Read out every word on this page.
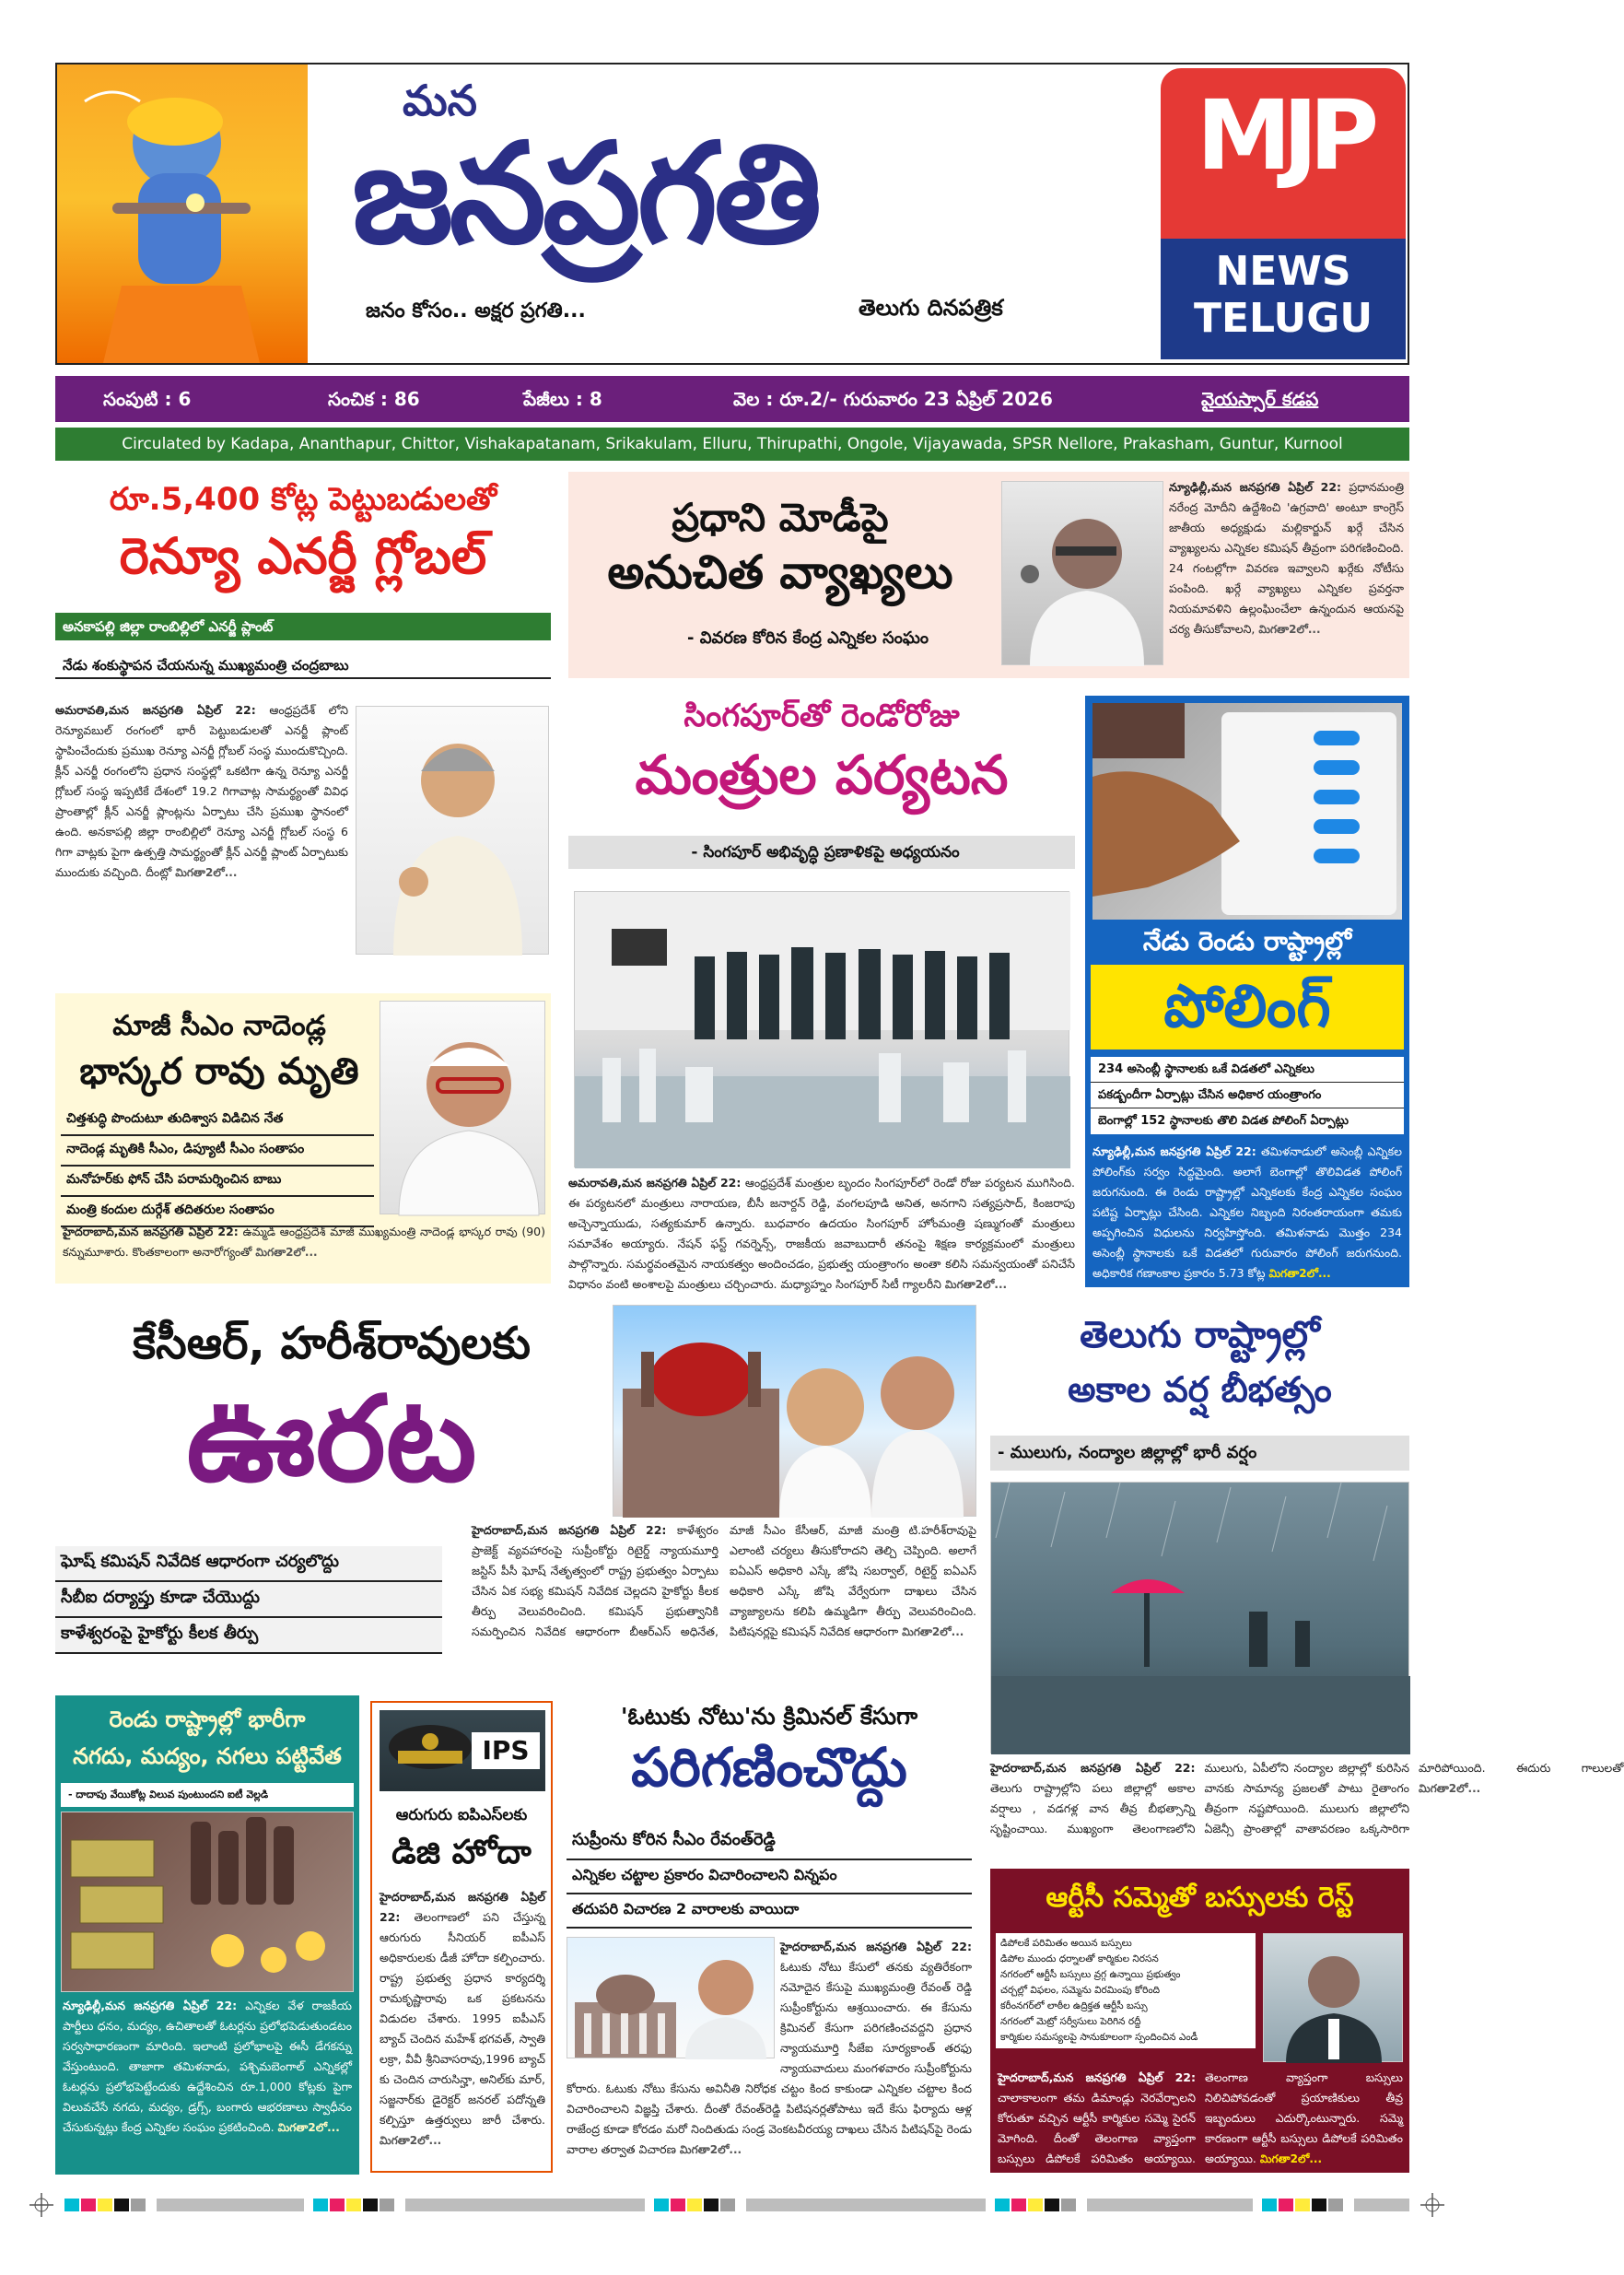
మన
జనప్రగతి
జనం కోసం.. అక్షర ప్రగతి...	తెలుగు దినపత్రిక
MJP
NEWS
TELUGU
సంపుటి : 6	సంచిక : 86	పేజీలు : 8	వెల : రూ.2/- గురువారం 23 ఏప్రిల్ 2026	వైయస్సార్ కడప
Circulated by Kadapa, Ananthapur, Chittor, Vishakapatanam, Srikakulam, Elluru, Thirupathi, Ongole, Vijayawada, SPSR Nellore, Prakasham, Guntur, Kurnool
రూ.5,400 కోట్ల పెట్టుబడులతో
రెన్యూ ఎనర్జీ గ్లోబల్
అనకాపల్లి జిల్లా రాంబిల్లిలో ఎనర్జీ ప్లాంట్
నేడు శంకుస్థాపన చేయనున్న ముఖ్యమంత్రి చంద్రబాబు
అమరావతి,మన జనప్రగతి ఏప్రిల్ 22: ఆంధ్రప్రదేశ్ లోని రెన్యూవబుల్ రంగంలో భారీ పెట్టుబడులతో ఎనర్జీ ప్లాంట్ స్థాపించేందుకు ప్రముఖ రెన్యూ ఎనర్జీ గ్లోబల్ సంస్థ ముందుకొచ్చింది. క్లీన్ ఎనర్జీ రంగంలోని ప్రధాన సంస్థల్లో ఒకటిగా ఉన్న రెన్యూ ఎనర్జీ గ్లోబల్ సంస్థ ఇప్పటికే దేశంలో 19.2 గిగావాట్ల సామర్థ్యంతో వివిధ ప్రాంతాల్లో క్లీన్ ఎనర్జీ ప్లాంట్లను ఏర్పాటు చేసి ప్రముఖ స్థానంలో ఉంది. అనకాపల్లి జిల్లా రాంబిల్లిలో రెన్యూ ఎనర్జీ గ్లోబల్ సంస్థ 6 గిగా వాట్లకు పైగా ఉత్పత్తి సామర్థ్యంతో క్లీన్ ఎనర్జీ ప్లాంట్ ఏర్పాటుకు ముందుకు వచ్చింది. దీంట్లో మిగతా2లో...
ప్రధాని మోడీపై
అనుచిత వ్యాఖ్యలు
- వివరణ కోరిన కేంద్ర ఎన్నికల సంఘం
న్యూఢిల్లీ,మన జనప్రగతి ఏప్రిల్ 22: ప్రధానమంత్రి నరేంద్ర మోదీని ఉద్దేశించి 'ఉగ్రవాది' అంటూ కాంగ్రెస్ జాతీయ అధ్యక్షుడు మల్లికార్జున్ ఖర్గే చేసిన వ్యాఖ్యలను ఎన్నికల కమిషన్ తీవ్రంగా పరిగణించింది. 24 గంటల్లోగా వివరణ ఇవ్వాలని ఖర్గేకు నోటీసు పంపింది. ఖర్గే వ్యాఖ్యలు ఎన్నికల ప్రవర్తనా నియమావళిని ఉల్లంఘించేలా ఉన్నందున ఆయనపై చర్య తీసుకోవాలని, మిగతా2లో...
సింగపూర్‌తో రెండోరోజు
మంత్రుల పర్యటన
- సింగపూర్ అభివృద్ధి ప్రణాళికపై అధ్యయనం
అమరావతి,మన జనప్రగతి ఏప్రిల్ 22: ఆంధ్రప్రదేశ్ మంత్రుల బృందం సింగపూర్‌లో రెండో రోజు పర్యటన ముగిసింది. ఈ పర్యటనలో మంత్రులు నారాయణ, బీసీ జనార్దన్ రెడ్డి, వంగలపూడి అనిత, అనగాని సత్యప్రసాద్, కింజరాపు అచ్చెన్నాయుడు, సత్యకుమార్ ఉన్నారు. బుధవారం ఉదయం సింగపూర్ హోంమంత్రి షణ్ముగంతో మంత్రులు సమావేశం అయ్యారు. నేషన్ ఫస్ట్ గవర్నెన్స్, రాజకీయ జవాబుదారీ తనంపై శిక్షణ కార్యక్రమంలో మంత్రులు పాల్గొన్నారు. సమర్థవంతమైన నాయకత్వం అందించడం, ప్రభుత్వ యంత్రాంగం అంతా కలిసి సమన్వయంతో పనిచేసే విధానం వంటి అంశాలపై మంత్రులు చర్చించారు. మధ్యాహ్నం సింగపూర్ సిటీ గ్యాలరీని మిగతా2లో...
నేడు రెండు రాష్ట్రాల్లో
పోలింగ్
234 అసెంబ్లీ స్థానాలకు ఒకే విడతలో ఎన్నికలు
పకడ్బందీగా ఏర్పాట్లు చేసిన అధికార యంత్రాంగం
బెంగాల్లో 152 స్థానాలకు తొలి విడత పోలింగ్ ఏర్పాట్లు
న్యూఢిల్లీ,మన జనప్రగతి ఏప్రిల్ 22: తమిళనాడులో అసెంబ్లీ ఎన్నికల పోలింగ్‌కు సర్వం సిద్ధమైంది. అలాగే బెంగాల్లో తొలివిడత పోలింగ్ జరుగనుంది. ఈ రెండు రాష్ట్రాల్లో ఎన్నికలకు కేంద్ర ఎన్నికల సంఘం పటిష్ట ఏర్పాట్లు చేసింది. ఎన్నికల నిబ్బంది నిరంతరాయంగా తమకు అప్పగించిన విధులను నిర్వహిస్తోంది. తమిళనాడు మొత్తం 234 అసెంబ్లీ స్థానాలకు ఒకే విడతలో గురువారం పోలింగ్ జరుగనుంది. అధికారిక గణాంకాల ప్రకారం 5.73 కోట్ల మిగతా2లో...
మాజీ సీఎం నాదెండ్ల
భాస్కర రావు మృతి
చిత్తశుద్ధి పొందుటూ తుదిశ్వాస విడిచిన నేత
నాదెండ్ల మృతికి సీఎం, డిప్యూటీ సీఎం సంతాపం
మనోహర్‌కు ఫోన్ చేసి పరామర్శించిన బాబు
మంత్రి కందుల దుర్గేశ్ తదితరుల సంతాపం
హైదరాబాద్,మన జనప్రగతి ఏప్రిల్ 22: ఉమ్మడి ఆంధ్రప్రదేశ్ మాజీ ముఖ్యమంత్రి నాదెండ్ల భాస్కర రావు (90) కన్నుమూశారు. కొంతకాలంగా అనారోగ్యంతో మిగతా2లో...
కేసీఆర్, హరీశ్‌రావులకు
ఊరట
ఘోష్ కమిషన్ నివేదిక ఆధారంగా చర్యలొద్దు
సీబీఐ దర్యాప్తు కూడా చేయొద్దు
కాళేశ్వరంపై హైకోర్టు కీలక తీర్పు
హైదరాబాద్,మన జనప్రగతి ఏప్రిల్ 22: కాళేశ్వరం ప్రాజెక్ట్ వ్యవహారంపై సుప్రీంకోర్టు రిటైర్డ్ న్యాయమూర్తి జస్టిస్ పీసీ ఘోష్ నేతృత్వంలో రాష్ట్ర ప్రభుత్వం ఏర్పాటు చేసిన ఏక సభ్య కమిషన్ నివేదిక చెల్లదని హైకోర్టు కీలక తీర్పు వెలువరించింది. కమిషన్ ప్రభుత్వానికి సమర్పించిన నివేదిక ఆధారంగా బీఆర్ఎస్ అధినేత, మాజీ సీఎం కేసీఆర్, మాజీ మంత్రి టి.హరీశ్‌రావుపై ఎలాంటి చర్యలు తీసుకోరాదని తెల్చి చెప్పింది. అలాగే ఐఏఎస్ అధికారి ఎస్కే జోషి సబర్వాల్, రిటైర్డ్ ఐఏఎస్ అధికారి ఎస్కే జోషి వేర్వేరుగా దాఖలు చేసిన వ్యాజ్యాలను కలిపి ఉమ్మడిగా తీర్పు వెలువరించింది. పిటిషనర్లపై కమిషన్ నివేదిక ఆధారంగా మిగతా2లో...
తెలుగు రాష్ట్రాల్లో
అకాల వర్ష బీభత్సం
- ములుగు, నంద్యాల జిల్లాల్లో భారీ వర్షం
హైదరాబాద్,మన జనప్రగతి ఏప్రిల్ 22: తెలుగు రాష్ట్రాల్లోని పలు జిల్లాల్లో అకాల వర్షాలు , వడగళ్ల వాన తీవ్ర బీభత్సాన్ని సృష్టించాయి. ముఖ్యంగా తెలంగాణలోని ములుగు, ఏపీలోని నంద్యాల జిల్లాల్లో కురిసిన వానకు సామాన్య ప్రజలతో పాటు రైతాంగం తీవ్రంగా నష్టపోయింది. ములుగు జిల్లాలోని ఏజెన్సీ ప్రాంతాల్లో వాతావరణం ఒక్కసారిగా మారిపోయింది. ఈదురు గాలులతో మిగతా2లో...
రెండు రాష్ట్రాల్లో భారీగా
నగదు, మద్యం, నగలు పట్టివేత
- దాదాపు వేయికోట్ల విలువ పుంటుందని ఐటీ వెల్లడి
న్యూఢిల్లీ,మన జనప్రగతి ఏప్రిల్ 22: ఎన్నికల వేళ రాజకీయ పార్టీలు ధనం, మద్యం, ఉచితాలతో ఓటర్లను ప్రలోభపెడుతుండటం సర్వసాధారణంగా మారింది. ఇలాంటి ప్రలోభాలపై ఈసీ డేగకన్ను వేస్తుంటుంది. తాజాగా తమిళనాడు, పశ్చిమబెంగాల్ ఎన్నికల్లో ఓటర్లను ప్రలోభపెట్టేందుకు ఉద్దేశించిన రూ.1,000 కోట్లకు పైగా విలువచేసే నగదు, మద్యం, డ్రగ్స్, బంగారు ఆభరణాలు స్వాధీనం చేసుకున్నట్లు కేంద్ర ఎన్నికల సంఘం ప్రకటించింది. మిగతా2లో...
IPS
ఆరుగురు ఐపిఎస్‌లకు
డిజి హోదా
హైదరాబాద్,మన జనప్రగతి ఏప్రిల్ 22: తెలంగాణలో పని చేస్తున్న ఆరుగురు సీనియర్ ఐపీఎస్ అధికారులకు డీజీ హోదా కల్పించారు. రాష్ట్ర ప్రభుత్వ ప్రధాన కార్యదర్శి రామకృష్ణారావు ఒక ప్రకటనను విడుదల చేశారు. 1995 ఐపీఎస్ బ్యాచ్ చెందిన మహేశ్ భగవత్, స్వాతి లక్రా, వీవీ శ్రీనివాసరావు,1996 బ్యాచ్ కు చెందిన చారుసిన్హా, అనిల్‌కు మార్, సజ్జనార్‌కు డైరెక్టర్ జనరల్ పదోన్నతి కల్పిస్తూ ఉత్తర్వులు జారీ చేశారు. మిగతా2లో...
'ఓటుకు నోటు'ను క్రిమినల్ కేసుగా
పరిగణించొద్దు
సుప్రీంను కోరిన సీఎం రేవంత్‌రెడ్డి
ఎన్నికల చట్టాల ప్రకారం విచారించాలని విన్నపం
తదుపరి విచారణ 2 వారాలకు వాయిదా
హైదరాబాద్,మన జనప్రగతి ఏప్రిల్ 22: ఓటుకు నోటు కేసులో తనకు వ్యతిరేకంగా నమోదైన కేసుపై ముఖ్యమంత్రి రేవంత్ రెడ్డి సుప్రీంకోర్టును ఆశ్రయించారు. ఈ కేసును క్రిమినల్ కేసుగా పరిగణించవద్దని ప్రధాన న్యాయమూర్తి సీజేఐ సూర్యకాంత్ తరఫు న్యాయవాదులు మంగళవారం సుప్రీంకోర్టును కోరారు. ఓటుకు నోటు కేసును అవినీతి నిరోధక చట్టం కింద కాకుండా ఎన్నికల చట్టాల కింద విచారించాలని విజ్ఞప్తి చేశారు. దీంతో రేవంత్‌రెడ్డి పిటిషనర్లతోపాటు ఇదే కేసు ఫిర్యాదు ఆళ్ల రాజేంద్ర కూడా కోరడం మరో నిందితుడు సండ్ర వెంకటవీరయ్య దాఖలు చేసిన పిటిషన్‌పై రెండు వారాల తర్వాత విచారణ మిగతా2లో...
ఆర్టీసీ సమ్మెతో బస్సులకు రెస్ట్
డిపోలకే పరిమితం అయిన బస్సులు
డిపోల ముందు ధర్నాలతో కార్మికుల నిరసన
నగరంలో ఆర్టీసీ బస్సులు వ్రగ్గ ఉన్నాయి ప్రభుత్వం
చర్చల్లో విఫలం, సమ్మెను విరమింపు కోరింది
కరీంనగర్‌లో లాఠీల ఉద్రిక్తత ఆర్టీసీ బస్సు
నగరంలో మెట్రో సర్వీసులు పెరిగిన రద్దీ
కార్మికుల సమస్యలపై సానుకూలంగా స్పందించిన ఎండీ
హైదరాబాద్,మన జనప్రగతి ఏప్రిల్ 22: చాలాకాలంగా తమ డిమాండ్లు నెరవేర్చాలని కోరుతూ వచ్చిన ఆర్టీసీ కార్మికుల సమ్మె సైరన్ మోగింది. దీంతో తెలంగాణ వ్యాప్తంగా బస్సులు డిపోలకే పరిమితం అయ్యాయి. తెలంగాణ వ్యాప్తంగా బస్సులు నిలిచిపోవడంతో ప్రయాణికులు తీవ్ర ఇబ్బందులు ఎదుర్కొంటున్నారు. సమ్మె కారణంగా ఆర్టీసీ బస్సులు డిపోలకే పరిమితం అయ్యాయి. మిగతా2లో...
